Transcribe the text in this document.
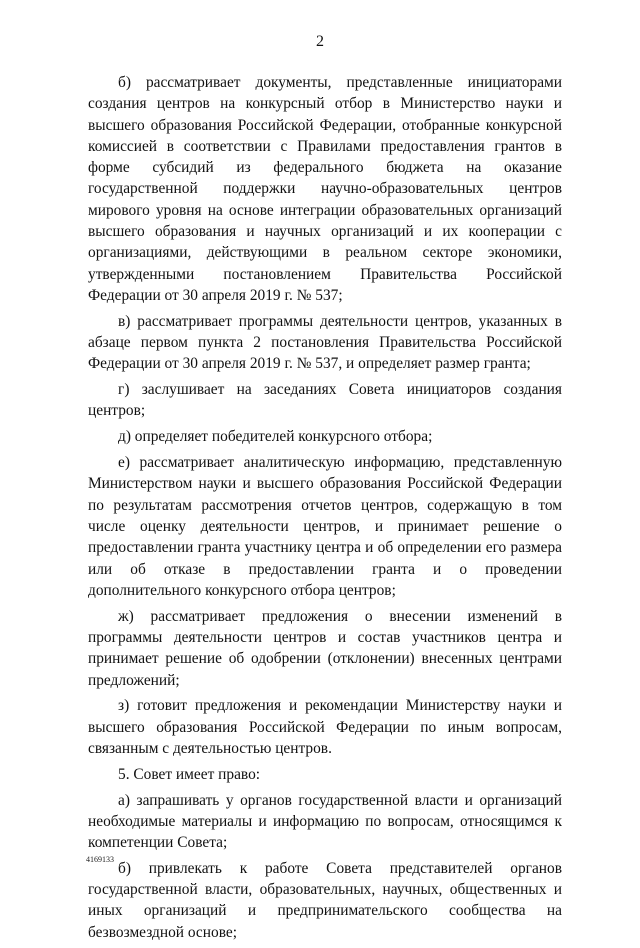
2

б) рассматривает документы, представленные инициаторами создания центров на конкурсный отбор в Министерство науки и высшего образования Российской Федерации, отобранные конкурсной комиссией в соответствии с Правилами предоставления грантов в форме субсидий из федерального бюджета на оказание государственной поддержки научно-образовательных центров мирового уровня на основе интеграции образовательных организаций высшего образования и научных организаций и их кооперации с организациями, действующими в реальном секторе экономики, утвержденными постановлением Правительства Российской Федерации от 30 апреля 2019 г. № 537;

в) рассматривает программы деятельности центров, указанных в абзаце первом пункта 2 постановления Правительства Российской Федерации от 30 апреля 2019 г. № 537, и определяет размер гранта;

г) заслушивает на заседаниях Совета инициаторов создания центров;

д) определяет победителей конкурсного отбора;

е) рассматривает аналитическую информацию, представленную Министерством науки и высшего образования Российской Федерации по результатам рассмотрения отчетов центров, содержащую в том числе оценку деятельности центров, и принимает решение о предоставлении гранта участнику центра и об определении его размера или об отказе в предоставлении гранта и о проведении дополнительного конкурсного отбора центров;

ж) рассматривает предложения о внесении изменений в программы деятельности центров и состав участников центра и принимает решение об одобрении (отклонении) внесенных центрами предложений;

з) готовит предложения и рекомендации Министерству науки и высшего образования Российской Федерации по иным вопросам, связанным с деятельностью центров.

5. Совет имеет право:

а) запрашивать у органов государственной власти и организаций необходимые материалы и информацию по вопросам, относящимся к компетенции Совета;

б) привлекать к работе Совета представителей органов государственной власти, образовательных, научных, общественных и иных организаций и предпринимательского сообщества на безвозмездной основе;

4169133
